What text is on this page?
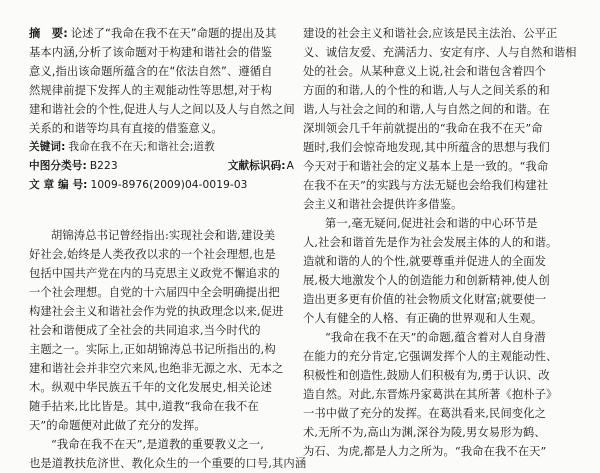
摘　要: 论述了“我命在我不在天”命题的提出及其
基本内涵,分析了该命题对于构建和谐社会的借鉴
意义,指出该命题所蕴含的在“依法自然”、遵循自
然规律前提下发挥人的主观能动性等思想,对于构
建和谐社会的个性,促进人与人之间以及人与自然之间
关系的和谐等均具有直接的借鉴意义。
关键词: 我命在我不在天;和谐社会;道教
中图分类号: B223	文献标识码:A
文 章 编 号: 1009-8976(2009)04-0019-03
胡锦涛总书记曾经指出:实现社会和谐,建设美
好社会,始终是人类孜孜以求的一个社会理想,也是
包括中国共产党在内的马克思主义政党不懈追求的
一个社会理想。自党的十六届四中全会明确提出把
构建社会主义和谐社会作为党的执政理念以来,促进
社会和谐便成了全社会的共同追求,当今时代的
主题之一。实际上,正如胡锦涛总书记所指出的,构
建和谐社会并非空穴来风,也绝非无源之水、无本之
木。纵观中华民族五千年的文化发展史,相关论述
随手拈来,比比皆是。其中,道教“我命在我不在
天”的命题便对此做了充分的发挥。
“我命在我不在天”,是道教的重要教义之一,
也是道教扶危济世、教化众生的一个重要的口号,其内涵
建设的社会主义和谐社会,应该是民主法治、公平正
义、诚信友爱、充满活力、安定有序、人与自然和谐相
处的社会。从某种意义上说,社会和谐包含着四个
方面的和谐,人的个性的和谐,人与人之间关系的和
谐,人与社会之间的和谐,人与自然之间的和谐。在
深圳领会几千年前就提出的“我命在我不在天”命
题时,我们会惊奇地发现,其中所蕴含的思想与我们
今天对于和谐社会的定义基本上是一致的。“我命
在我不在天”的实践与方法无疑也会给我们构建社
会主义和谐社会提供许多借鉴。
第一,毫无疑问,促进社会和谐的中心环节是
人,社会和谐首先是作为社会发展主体的人的和谐。
造就和谐的人的个性,就要尊重并促进人的全面发
展,极大地激发个人的创造能力和创新精神,使人创
造出更多更有价值的社会物质文化财富;就要使一
个人有健全的人格、有正确的世界观和人生观。
“我命在我不在天”的命题,蕴含着对人自身潜
在能力的充分肯定,它强调发挥个人的主观能动性、
积极性和创造性,鼓励人们积极有为,勇于认识、改
造自然。对此,东晋炼丹家葛洪在其所著《抱朴子》
一书中做了充分的发挥。在葛洪看来,民间变化之
术,无所不为,高山为渊,深谷为陵,男女易形为鹤、
为石、为虎,都是人力之所为。“我命在我不在天”
